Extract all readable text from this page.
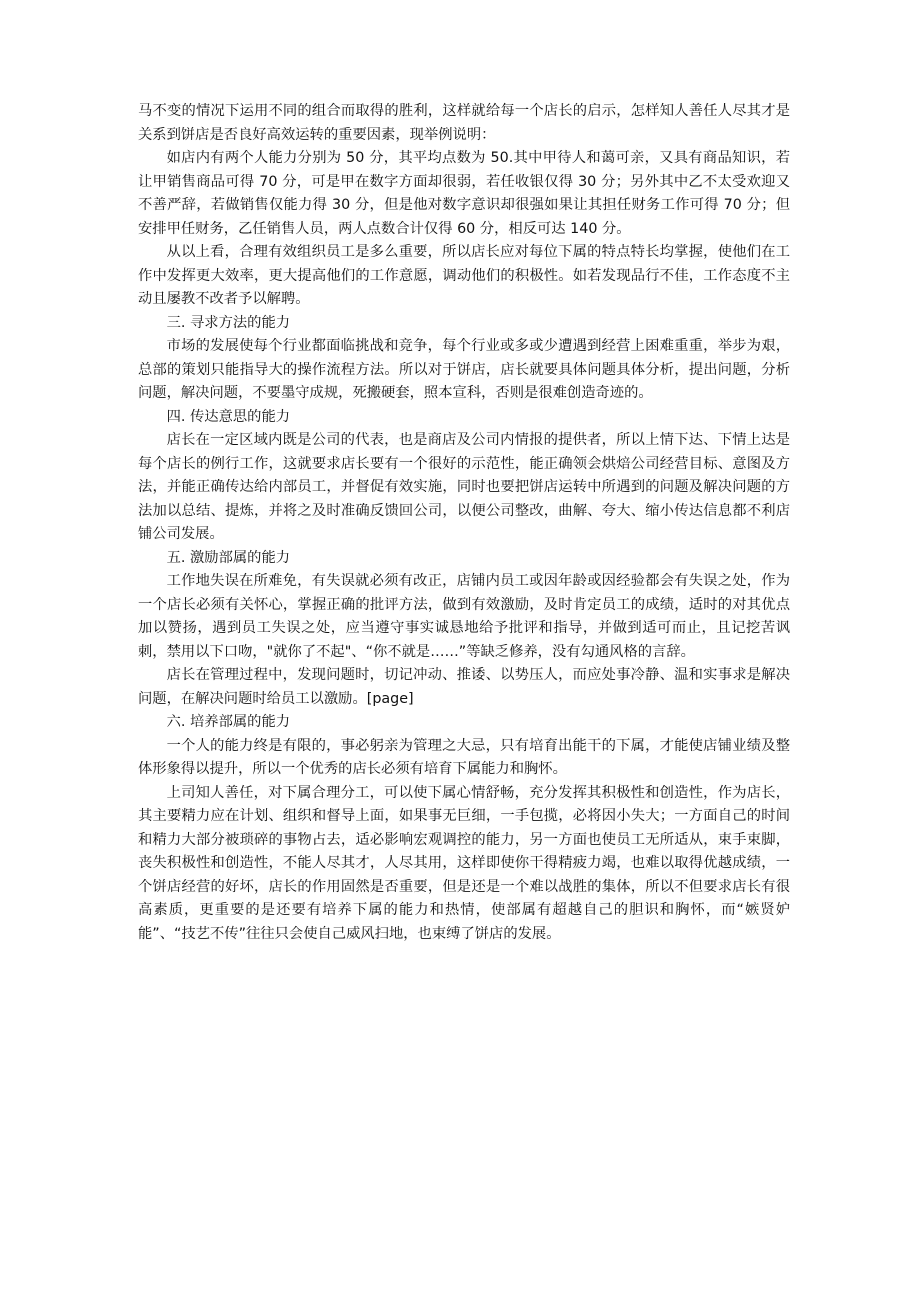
马不变的情况下运用不同的组合而取得的胜利，这样就给每一个店长的启示，怎样知人善任人尽其才是关系到饼店是否良好高效运转的重要因素，现举例说明：

如店内有两个人能力分别为 50 分，其平均点数为 50.其中甲待人和蔼可亲，又具有商品知识，若让甲销售商品可得 70 分，可是甲在数字方面却很弱，若任收银仅得 30 分；另外其中乙不太受欢迎又不善严辞，若做销售仅能力得 30 分，但是他对数字意识却很强如果让其担任财务工作可得 70 分；但安排甲任财务，乙任销售人员，两人点数合计仅得 60 分，相反可达 140 分。

从以上看，合理有效组织员工是多么重要，所以店长应对每位下属的特点特长均掌握，使他们在工作中发挥更大效率，更大提高他们的工作意愿，调动他们的积极性。如若发现品行不佳，工作态度不主动且屡教不改者予以解聘。

三. 寻求方法的能力

市场的发展使每个行业都面临挑战和竞争，每个行业或多或少遭遇到经营上困难重重，举步为艰，总部的策划只能指导大的操作流程方法。所以对于饼店，店长就要具体问题具体分析，提出问题，分析问题，解决问题，不要墨守成规，死搬硬套，照本宣科，否则是很难创造奇迹的。

四. 传达意思的能力

店长在一定区域内既是公司的代表，也是商店及公司内情报的提供者，所以上情下达、下情上达是每个店长的例行工作，这就要求店长要有一个很好的示范性，能正确领会烘焙公司经营目标、意图及方法，并能正确传达给内部员工，并督促有效实施，同时也要把饼店运转中所遇到的问题及解决问题的方法加以总结、提炼，并将之及时准确反馈回公司，以便公司整改，曲解、夸大、缩小传达信息都不利店铺公司发展。

五. 激励部属的能力

工作地失误在所难免，有失误就必须有改正，店铺内员工或因年龄或因经验都会有失误之处，作为一个店长必须有关怀心，掌握正确的批评方法，做到有效激励，及时肯定员工的成绩，适时的对其优点加以赞扬，遇到员工失误之处，应当遵守事实诚恳地给予批评和指导，并做到适可而止，且记挖苦讽刺，禁用以下口吻，"就你了不起"、“你不就是……”等缺乏修养，没有勾通风格的言辞。

店长在管理过程中，发现问题时，切记冲动、推诿、以势压人，而应处事冷静、温和实事求是解决问题，在解决问题时给员工以激励。[page]

六. 培养部属的能力

一个人的能力终是有限的，事必躬亲为管理之大忌，只有培育出能干的下属，才能使店铺业绩及整体形象得以提升，所以一个优秀的店长必须有培育下属能力和胸怀。

上司知人善任，对下属合理分工，可以使下属心情舒畅，充分发挥其积极性和创造性，作为店长，其主要精力应在计划、组织和督导上面，如果事无巨细，一手包揽，必将因小失大；一方面自己的时间和精力大部分被琐碎的事物占去，适必影响宏观调控的能力，另一方面也使员工无所适从，束手束脚，丧失积极性和创造性，不能人尽其才，人尽其用，这样即使你干得精疲力竭，也难以取得优越成绩，一个饼店经营的好坏，店长的作用固然是否重要，但是还是一个难以战胜的集体，所以不但要求店长有很高素质，更重要的是还要有培养下属的能力和热情，使部属有超越自己的胆识和胸怀，而“嫉贤妒能”、“技艺不传”往往只会使自己威风扫地，也束缚了饼店的发展。
